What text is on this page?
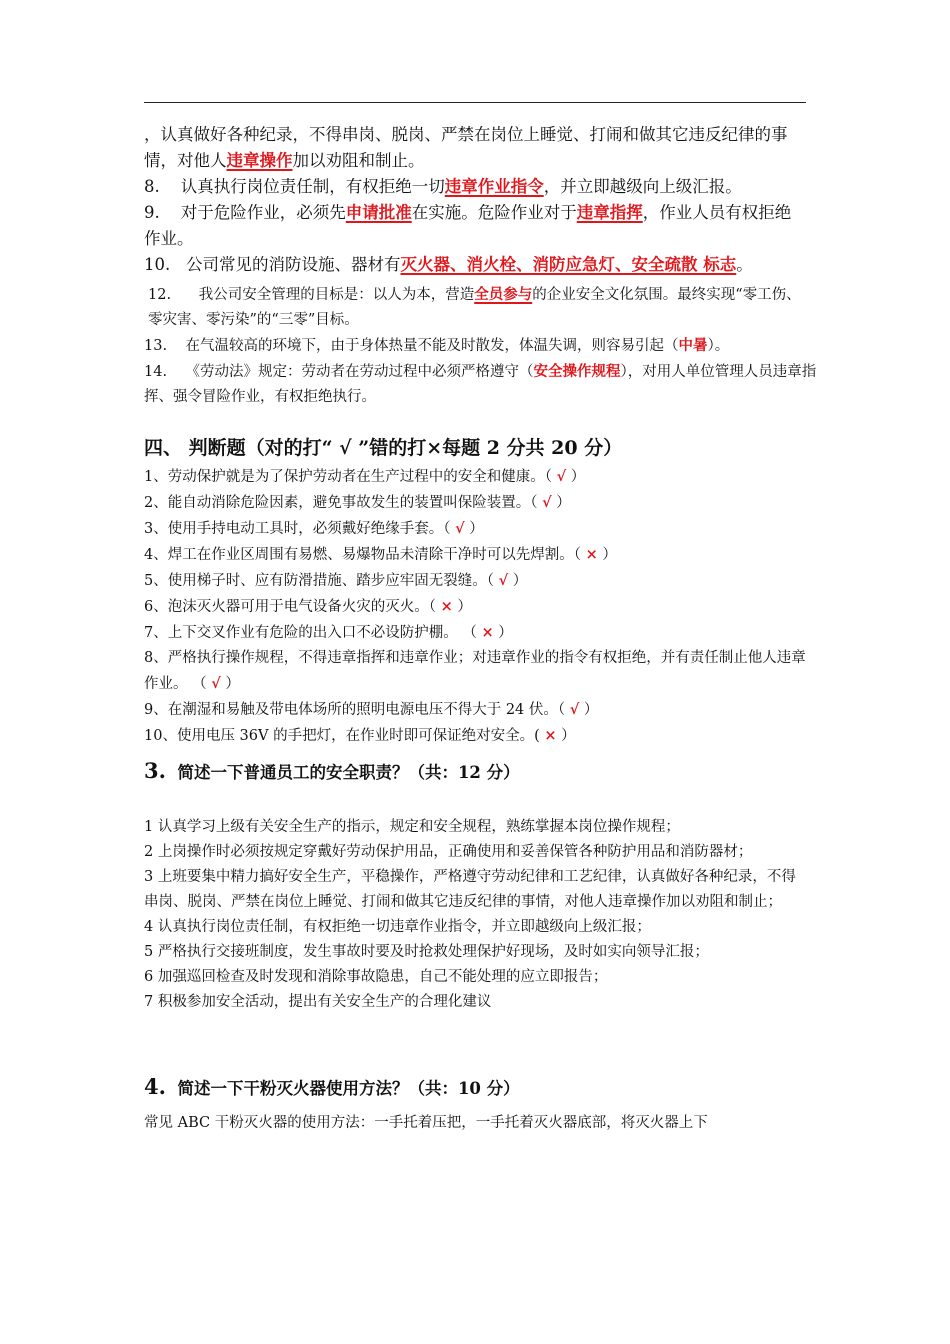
，认真做好各种纪录，不得串岗、脱岗、严禁在岗位上睡觉、打闹和做其它违反纪律的事情，对他人违章操作加以劝阻和制止。

8. 认真执行岗位责任制，有权拒绝一切违章作业指令，并立即越级向上级汇报。

9. 对于危险作业，必须先申请批准在实施。危险作业对于违章指挥，作业人员有权拒绝作业。

10. 公司常见的消防设施、器材有灭火器、消火栓、消防应急灯、安全疏散 标志。

12. 我公司安全管理的目标是：以人为本，营造全员参与的企业安全文化氛围。最终实现“零工伤、零灾害、零污染”的“三零”目标。

13. 在气温较高的环境下，由于身体热量不能及时散发，体温失调，则容易引起（中暑）。

14. 《劳动法》规定：劳动者在劳动过程中必须严格遵守（安全操作规程），对用人单位管理人员违章指挥、强令冒险作业，有权拒绝执行。

四、 判断题（对的打“ √ ”错的打×每题 2 分共 20 分）

1、劳动保护就是为了保护劳动者在生产过程中的安全和健康。（ √ ）

2、能自动消除危险因素，避免事故发生的装置叫保险装置。（ √ ）

3、使用手持电动工具时，必须戴好绝缘手套。（ √ ）

4、焊工在作业区周围有易燃、易爆物品未清除干净时可以先焊割。（ × ）

5、使用梯子时、应有防滑措施、踏步应牢固无裂缝。（ √ ）

6、泡沫灭火器可用于电气设备火灾的灭火。（ × ）

7、上下交叉作业有危险的出入口不必设防护棚。 （ × ）

8、严格执行操作规程，不得违章指挥和违章作业；对违章作业的指令有权拒绝，并有责任制止他人违章作业。 （ √ ）

9、在潮湿和易触及带电体场所的照明电源电压不得大于 24 伏。（ √ ）

10、使用电压 36V 的手把灯，在作业时即可保证绝对安全。( × ）

3. 简述一下普通员工的安全职责？（共：12 分）

1 认真学习上级有关安全生产的指示，规定和安全规程，熟练掌握本岗位操作规程；

2 上岗操作时必须按规定穿戴好劳动保护用品，正确使用和妥善保管各种防护用品和消防器材；

3 上班要集中精力搞好安全生产，平稳操作，严格遵守劳动纪律和工艺纪律，认真做好各种纪录，不得串岗、脱岗、严禁在岗位上睡觉、打闹和做其它违反纪律的事情，对他人违章操作加以劝阻和制止；

4 认真执行岗位责任制，有权拒绝一切违章作业指令，并立即越级向上级汇报；

5 严格执行交接班制度，发生事故时要及时抢救处理保护好现场，及时如实向领导汇报；

6 加强巡回检查及时发现和消除事故隐患，自己不能处理的应立即报告；

7 积极参加安全活动，提出有关安全生产的合理化建议

4. 简述一下干粉灭火器使用方法？（共：10 分）

常见 ABC 干粉灭火器的使用方法：一手托着压把，一手托着灭火器底部，将灭火器上下
